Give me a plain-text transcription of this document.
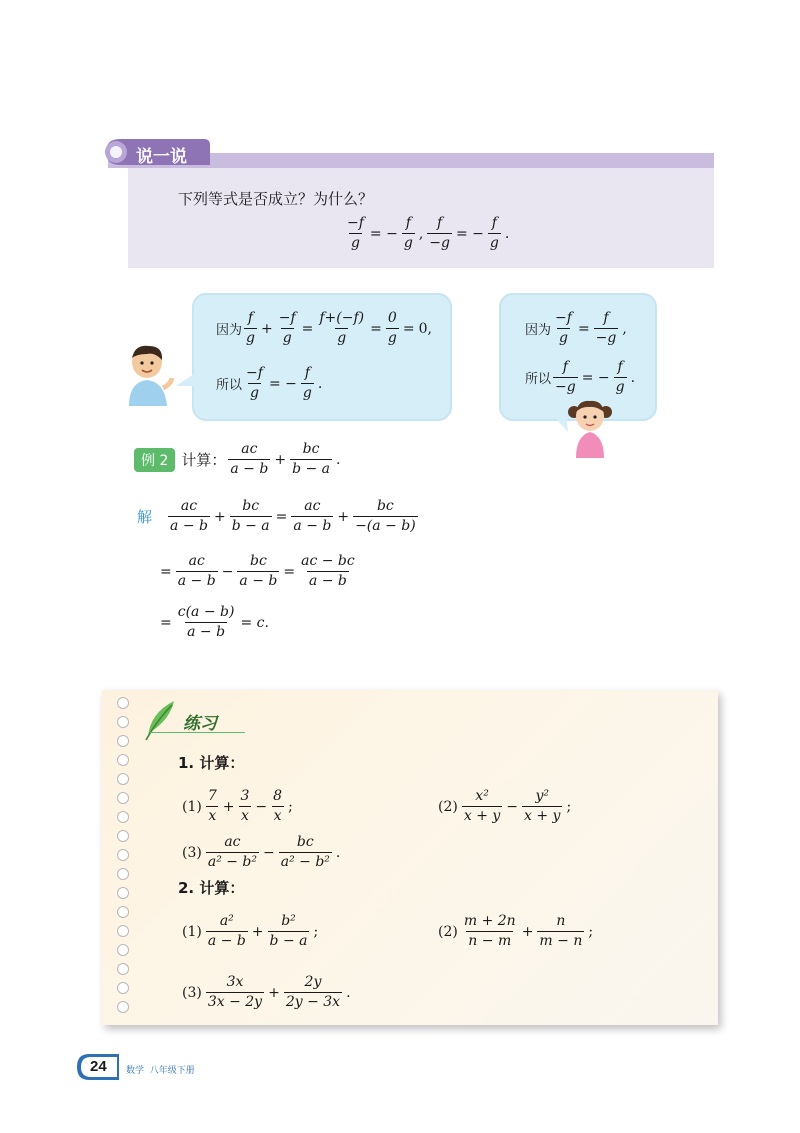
说一说
下列等式是否成立？为什么？
$\frac{-f}{g}$ = − $\frac{f}{g}$ , $\frac{f}{-g}$ = − $\frac{f}{g}$ .
因为 $\frac{f}{g} + \frac{-f}{g} = \frac{f+(-f)}{g} = \frac{0}{g} = 0$,
所以 $\frac{-f}{g}$ = − $\frac{f}{g}$ .
因为 $\frac{-f}{g} = \frac{f}{-g}$ ,
所以 $\frac{f}{-g}$ = − $\frac{f}{g}$ .
例 2 计算： $\frac{ac}{a - b} + \frac{bc}{b - a}$ .
解 $\frac{ac}{a - b} + \frac{bc}{b - a} = \frac{ac}{a - b} + \frac{bc}{-(a - b)}$
= $\frac{ac}{a - b} - \frac{bc}{a - b} = \frac{ac - bc}{a - b}$
= $\frac{c(a - b)}{a - b} = c$.
练习
1. 计算：
$(1) \frac{7}{x} + \frac{3}{x} - \frac{8}{x}$ ;	$(2) \frac{\text{x²}}{x + y} - \frac{\text{y²}}{x + y}$ ;
$(3) \frac{ac}{\text{a² − b²}} - \frac{bc}{\text{a² − b²}}$ .
2. 计算：
$(1) \frac{\text{a²}}{a - b} + \frac{\text{b²}}{b - a}$ ;	$(2) \frac{m + 2n}{n - m} + \frac{n}{m - n}$ ;
$(3) \frac{3x}{3x - 2y} + \frac{2y}{2y - 3x}$ .
24 数学  八年级下册
